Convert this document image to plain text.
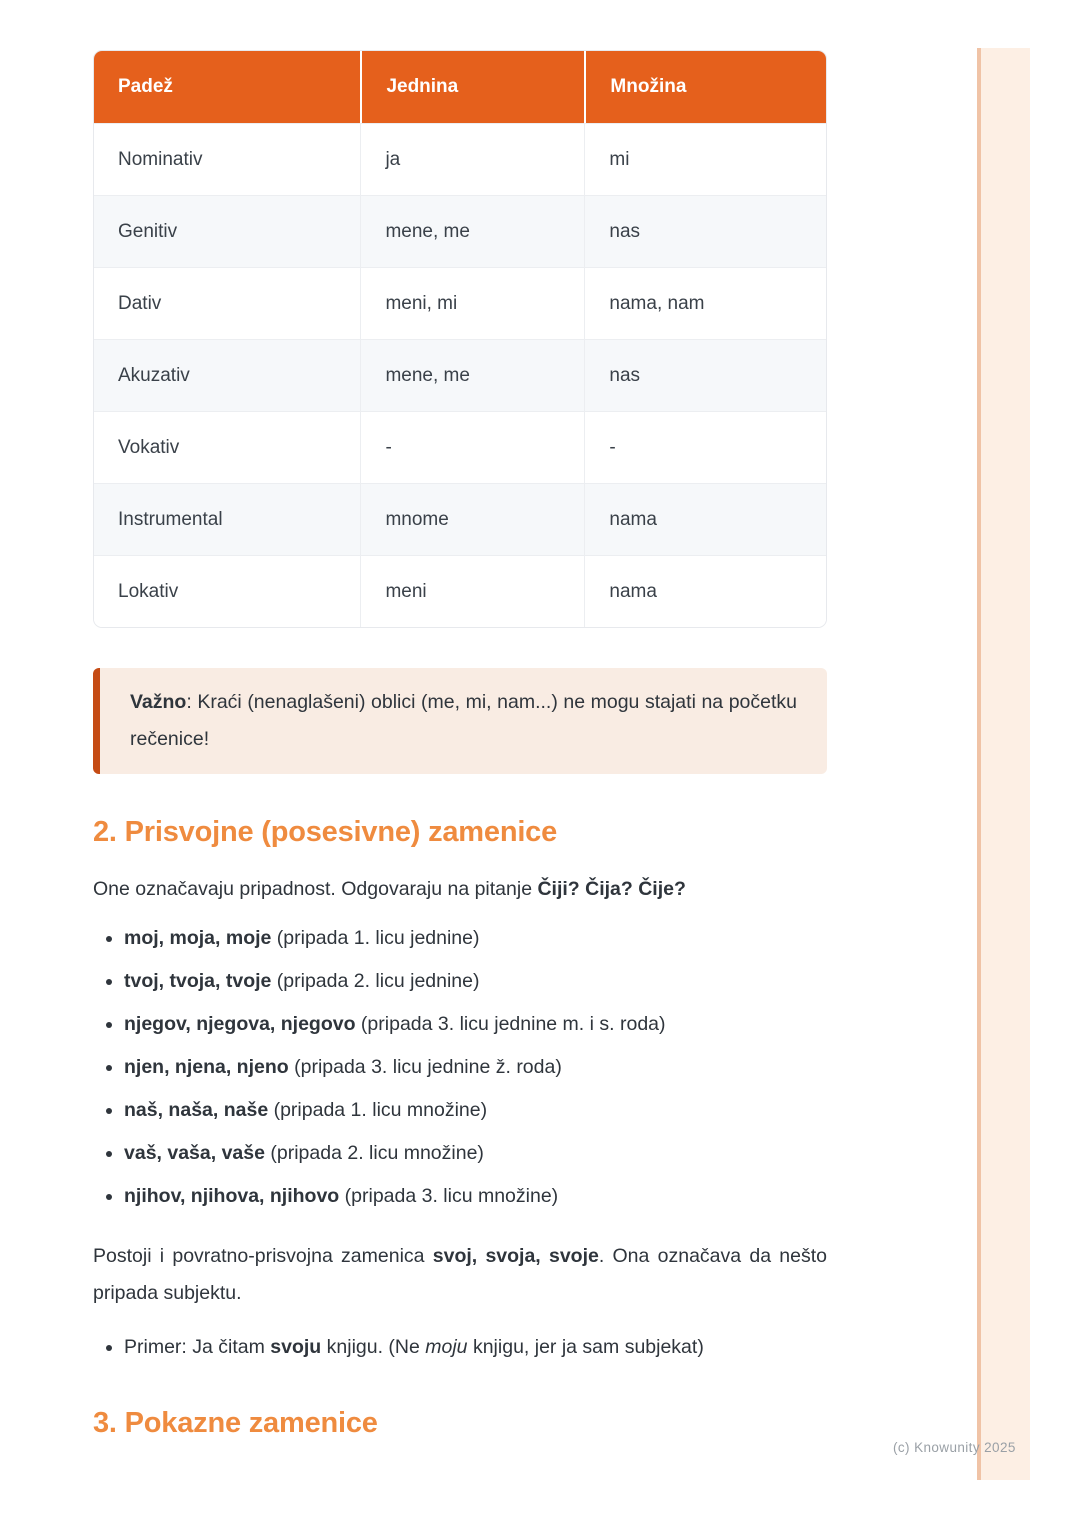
(c) Knowunity 2025
Padež	Jednina	Množina
Nominativ	ja	mi
Genitiv	mene, me	nas
Dativ	meni, mi	nama, nam
Akuzativ	mene, me	nas
Vokativ	-	-
Instrumental	mnome	nama
Lokativ	meni	nama
Važno: Kraći (nenaglašeni) oblici (me, mi, nam...) ne mogu stajati na početku rečenice!
2. Prisvojne (posesivne) zamenice

One označavaju pripadnost. Odgovaraju na pitanje Čiji? Čija? Čije?

• moj, moja, moje (pripada 1. licu jednine)
• tvoj, tvoja, tvoje (pripada 2. licu jednine)
• njegov, njegova, njegovo (pripada 3. licu jednine m. i s. roda)
• njen, njena, njeno (pripada 3. licu jednine ž. roda)
• naš, naša, naše (pripada 1. licu množine)
• vaš, vaša, vaše (pripada 2. licu množine)
• njihov, njihova, njihovo (pripada 3. licu množine)

Postoji i povratno-prisvojna zamenica svoj, svoja, svoje. Ona označava da nešto pripada subjektu.

• Primer: Ja čitam svoju knjigu. (Ne moju knjigu, jer ja sam subjekat)
3. Pokazne zamenice
